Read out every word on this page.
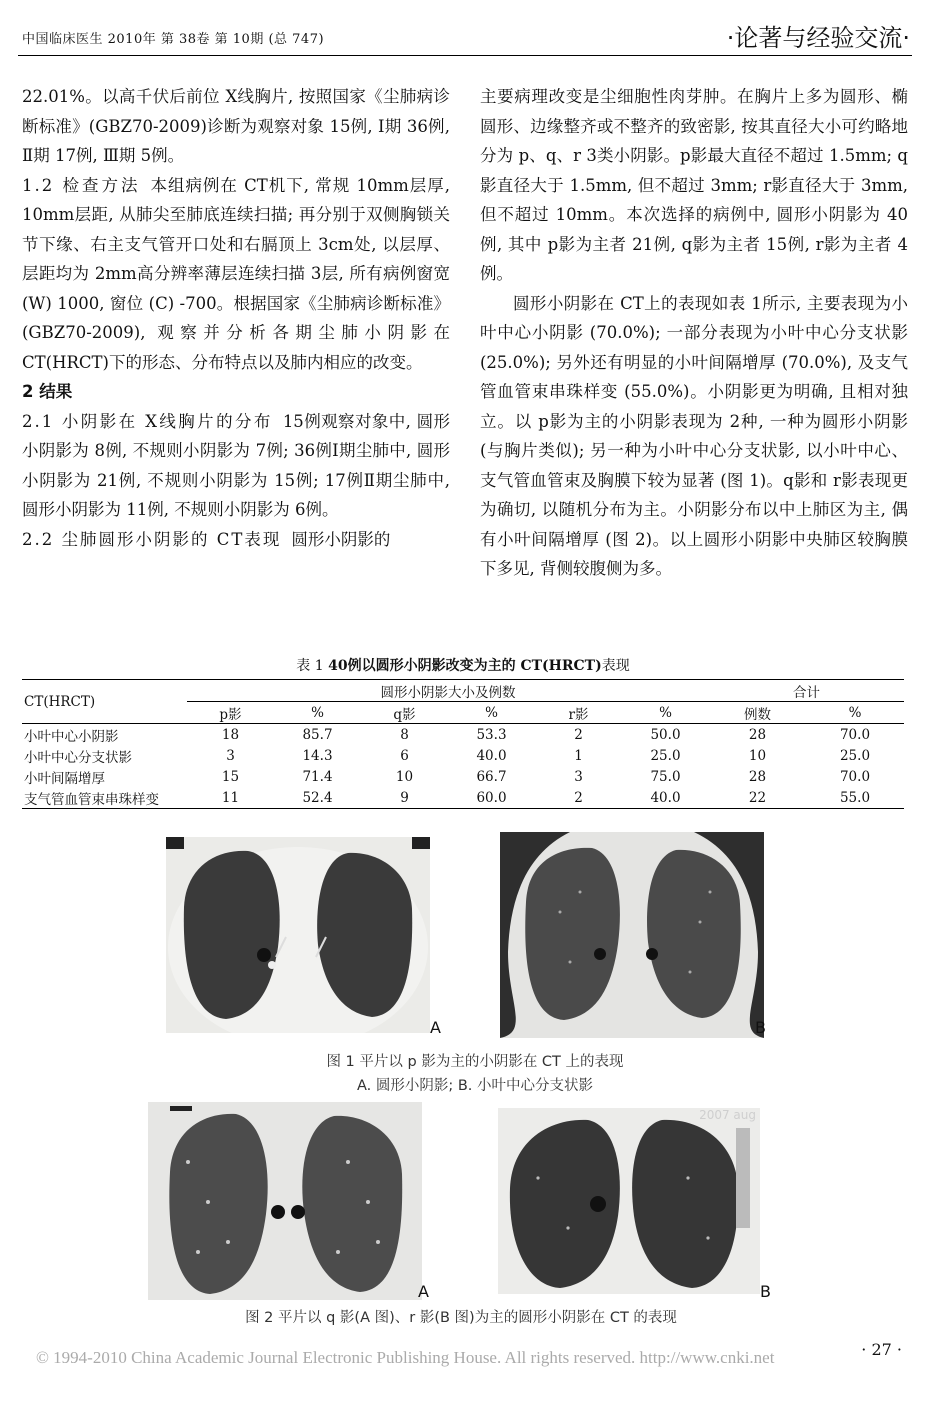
中国临床医生 2010年 第 38卷 第 10期 (总 747)	·论著与经验交流·

22.01%。以高千伏后前位 X线胸片, 按照国家《尘肺病诊断标准》(GBZ70-2009)诊断为观察对象 15例, Ⅰ期 36例, Ⅱ期 17例, Ⅲ期 5例。

1.2 检查方法 本组病例在 CT机下, 常规 10mm层厚, 10mm层距, 从肺尖至肺底连续扫描; 再分别于双侧胸锁关节下缘、右主支气管开口处和右膈顶上 3cm处, 以层厚、层距均为 2mm高分辨率薄层连续扫描 3层, 所有病例窗宽 (W) 1000, 窗位 (C) -700。根据国家《尘肺病诊断标准》(GBZ70-2009), 观察并分析各期尘肺小阴影在 CT(HRCT)下的形态、分布特点以及肺内相应的改变。

2 结果

2.1 小阴影在 X线胸片的分布 15例观察对象中, 圆形小阴影为 8例, 不规则小阴影为 7例; 36例Ⅰ期尘肺中, 圆形小阴影为 21例, 不规则小阴影为 15例; 17例Ⅱ期尘肺中, 圆形小阴影为 11例, 不规则小阴影为 6例。

2.2 尘肺圆形小阴影的 CT表现 圆形小阴影的

主要病理改变是尘细胞性肉芽肿。在胸片上多为圆形、椭圆形、边缘整齐或不整齐的致密影, 按其直径大小可约略地分为 p、q、r 3类小阴影。p影最大直径不超过 1.5mm; q影直径大于 1.5mm, 但不超过 3mm; r影直径大于 3mm, 但不超过 10mm。本次选择的病例中, 圆形小阴影为 40例, 其中 p影为主者 21例, q影为主者 15例, r影为主者 4例。

圆形小阴影在 CT上的表现如表 1所示, 主要表现为小叶中心小阴影 (70.0%); 一部分表现为小叶中心分支状影 (25.0%); 另外还有明显的小叶间隔增厚 (70.0%), 及支气管血管束串珠样变 (55.0%)。小阴影更为明确, 且相对独立。以 p影为主的小阴影表现为 2种, 一种为圆形小阴影 (与胸片类似); 另一种为小叶中心分支状影, 以小叶中心、支气管血管束及胸膜下较为显著 (图 1)。q影和 r影表现更为确切, 以随机分布为主。小阴影分布以中上肺区为主, 偶有小叶间隔增厚 (图 2)。以上圆形小阴影中央肺区较胸膜下多见, 背侧较腹侧为多。

表 1 40例以圆形小阴影改变为主的 CT(HRCT)表现
CT(HRCT)	圆形小阴影大小及例数						合计	
	p影	%	q影	%	r影	%	例数	%
小叶中心小阴影	18	85.7	8	53.3	2	50.0	28	70.0
小叶中心分支状影	3	14.3	6	40.0	1	25.0	10	25.0
小叶间隔增厚	15	71.4	10	66.7	3	75.0	28	70.0
支气管血管束串珠样变	11	52.4	9	60.0	2	40.0	22	55.0
A	B
图 1 平片以 p 影为主的小阴影在 CT 上的表现
A. 圆形小阴影; B. 小叶中心分支状影
A
2007 aug
B
图 2 平片以 q 影(A 图)、r 影(B 图)为主的圆形小阴影在 CT 的表现
· 27 ·
© 1994-2010 China Academic Journal Electronic Publishing House. All rights reserved. http://www.cnki.net
